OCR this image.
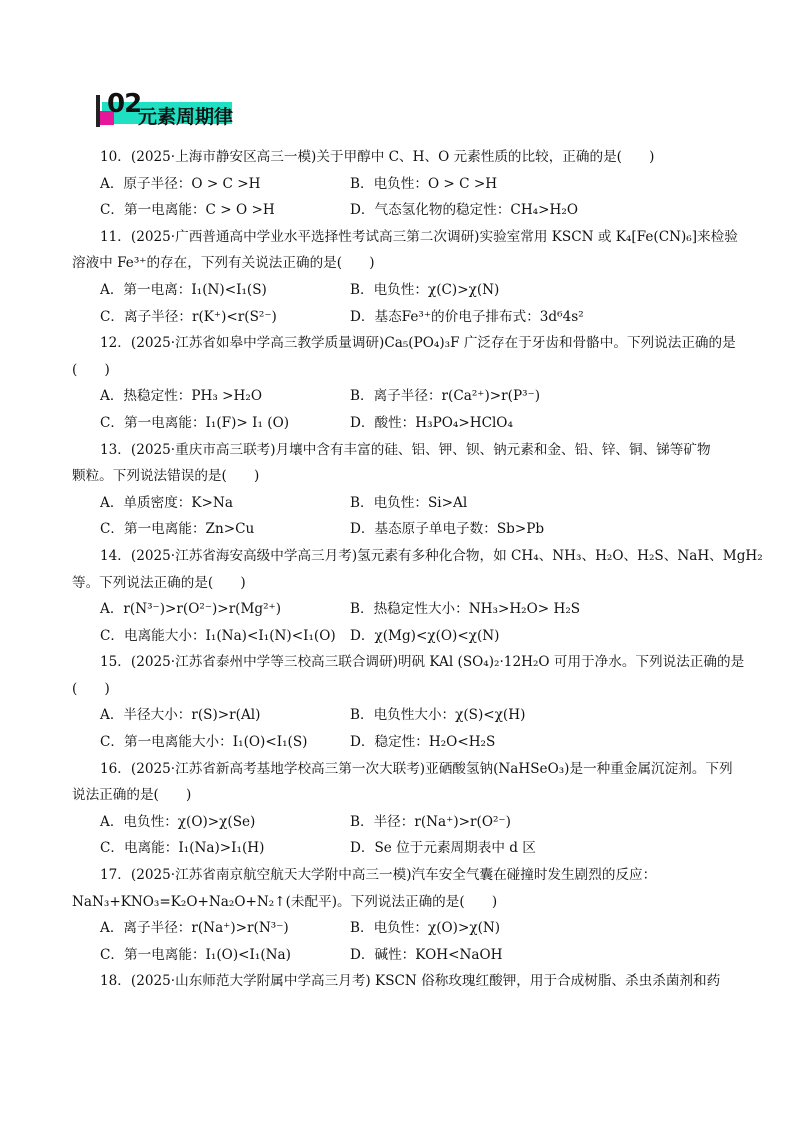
02
元素周期律
10．(2025·上海市静安区高三一模)关于甲醇中 C、H、O 元素性质的比较，正确的是(　　)
A．原子半径：O > C >H	B．电负性：O > C >H
C．第一电离能：C > O >H	D．气态氢化物的稳定性：CH₄>H₂O
11．(2025·广西普通高中学业水平选择性考试高三第二次调研)实验室常用 KSCN 或 K₄[Fe(CN)₆]来检验
溶液中 Fe³⁺的存在，下列有关说法正确的是(　　)
A．第一电离：I₁(N)<I₁(S)	B．电负性：χ(C)>χ(N)
C．离子半径：r(K⁺)<r(S²⁻)	D．基态Fe³⁺的价电子排布式：3d⁶4s²
12．(2025·江苏省如皋中学高三教学质量调研)Ca₅(PO₄)₃F 广泛存在于牙齿和骨骼中。下列说法正确的是
(　　)
A．热稳定性：PH₃ >H₂O	B．离子半径：r(Ca²⁺)>r(P³⁻)
C．第一电离能：I₁(F)> I₁ (O)	D．酸性：H₃PO₄>HClO₄
13．(2025·重庆市高三联考)月壤中含有丰富的硅、铝、钾、钡、钠元素和金、铅、锌、铜、锑等矿物
颗粒。下列说法错误的是(　　)
A．单质密度：K>Na	B．电负性：Si>Al
C．第一电离能：Zn>Cu	D．基态原子单电子数：Sb>Pb
14．(2025·江苏省海安高级中学高三月考)氢元素有多种化合物，如 CH₄、NH₃、H₂O、H₂S、NaH、MgH₂
等。下列说法正确的是(　　)
A．r(N³⁻)>r(O²⁻)>r(Mg²⁺)	B．热稳定性大小：NH₃>H₂O> H₂S
C．电离能大小：I₁(Na)<I₁(N)<I₁(O)	D．χ(Mg)<χ(O)<χ(N)
15．(2025·江苏省泰州中学等三校高三联合调研)明矾 KAl (SO₄)₂·12H₂O 可用于净水。下列说法正确的是
(　　)
A．半径大小：r(S)>r(Al)	B．电负性大小：χ(S)<χ(H)
C．第一电离能大小：I₁(O)<I₁(S)	D．稳定性：H₂O<H₂S
16．(2025·江苏省新高考基地学校高三第一次大联考)亚硒酸氢钠(NaHSeO₃)是一种重金属沉淀剂。下列
说法正确的是(　　)
A．电负性：χ(O)>χ(Se)	B．半径：r(Na⁺)>r(O²⁻)
C．电离能：I₁(Na)>I₁(H)	D．Se 位于元素周期表中 d 区
17．(2025·江苏省南京航空航天大学附中高三一模)汽车安全气囊在碰撞时发生剧烈的反应：
NaN₃+KNO₃=K₂O+Na₂O+N₂↑(未配平)。下列说法正确的是(　　)
A．离子半径：r(Na⁺)>r(N³⁻)	B．电负性：χ(O)>χ(N)
C．第一电离能：I₁(O)<I₁(Na)	D．碱性：KOH<NaOH
18．(2025·山东师范大学附属中学高三月考) KSCN 俗称玫瑰红酸钾，用于合成树脂、杀虫杀菌剂和药
